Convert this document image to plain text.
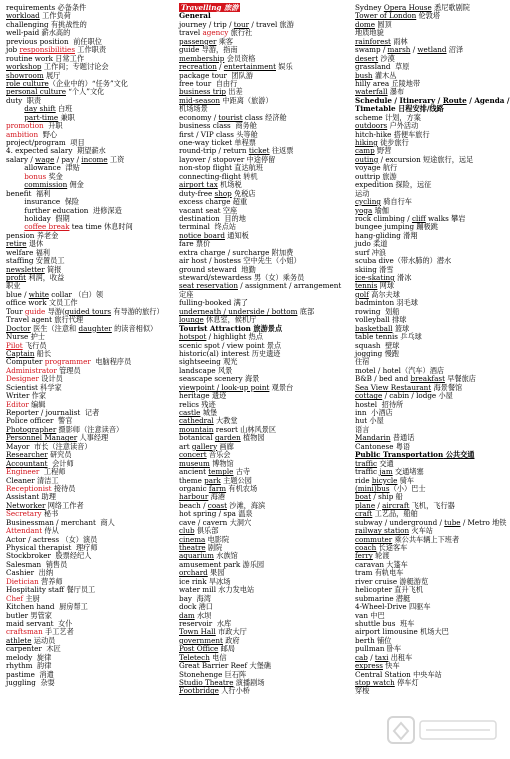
requirements 必备条件
workload 工作负荷
challenging 有挑战性的
well-paid 薪水高的
previous position  前任职位
job responsibilities 工作职责
routine work 日常工作
workshop 工作间；专题讨论会
showroom 展厅
role culture（企业中的）“任务”文化
personal culture “个人”文化
duty  职责
day shift 白班
part-time 兼职
promotion  升职
ambition  野心
project/program  项目
4. expected salary  期望薪水
salary / wage / pay / income 工资
allowance  津贴
bonus 奖金
commission 佣金
benefit  福利
insurance  保险
further education  进修深造
holiday  假期
coffee break tea time 休息时间
pension 养老金
retire 退休
welfare 福利
staffing 安置员工
newsletter 简报
profit 利润，收益
职业
blue / white collar （白）领
office work 文员工作
Tour guide 导游(guided tours 有导游的旅行）
Travel agent 旅行代理
Doctor 医生（注意和 daughter 的读音相似）
Nurse 护士
Pilot 飞行员
Captain 船长
Computer programmer  电脑程序员
Administrator 管理员
Designer 设计员
Scientist 科学家
Writer 作家
Editor 编辑
Reporter / journalist  记者
Police officer  警官
Photographer 摄影师（注意读音）
Personnel Manager 人事经理
Mayor  市长（注意读音）
Researcher 研究员
Accountant  会计师
Engineer  工程师
Cleaner 清洁工
Receptionist 接待员
Assistant 助理
Networker 网络工作者
Secretary 秘书
Businessman / merchant  商人
Attendant 侍从
Actor / actress （女）演员
Physical therapist  理疗师
Stockbroker  股票经纪人
Salesman  销售员
Cashier  出纳
Dietician 营养师
Hospitality staff 餐厅员工
Chef 主厨
Kitchen hand  厨房帮工
butler 男管家
maid servant  女仆
craftsman 手工艺者
athlete 运动员
carpenter  木匠
melody  旋律
rhythm  韵律
pastime  消遣
juggling  杂耍
Travelling 旅游
General
journey / trip / tour / travel 旅游
travel agency 旅行社
passenger 乘客
guide 导游，指南
membership 会员资格
recreation / entertainment 娱乐
package tour  团队游
free tour  自由行
business trip 出差
mid-season 中距离（旅游）
机场场景
economy / tourist class 经济舱
business class  商务舱
first / VIP class 头等舱
one-way ticket 单程票
round-trip / return ticket 往返票
layover / stopover 中途停留
non-stop flight 直达航班
connecting-flight 转机
airport tax 机场税
duty-free shop 免税店
excess charge 超重
vacant seat 空座
destination  目的地
terminal  终点站
notice board 通知板
fare 票价
extra charge / surcharge 附加费
air host / hostess 空中先生（小姐）
ground steward  地勤
steward/stewardess 男（女）乘务员
seat reservation / assignment / arrangement
定座
fulling-booked 满了
underneath / underside / bottom 底部
lounge 休息室，候机厅
Tourist Attraction 旅游景点
hotspot / highlight 热点
scenic spot / view point 景点
historic(al) interest 历史遗迹
sightseeing 观光
landscape 风景
seascape scenery 海景
viewpoint / look-up point 观景台
heritage 遗迹
relics 残迹
castle 城堡
cathedral 大教堂
mountain resort 山林风景区
botanical garden 植物园
art gallery 画廊
concert 音乐会
museum 博物馆
ancient temple 古寺
theme park 主题公园
organic farm 有机农场
harbour 海港
beach / coast 沙滩，海滨
hot spring / spa 温泉
cave / cavern 大洞穴
club 俱乐部
cinema 电影院
theatre 剧院
aquarium 水族馆
amusement park 游乐园
orchard 果园
ice rink 旱冰场
water mill 水力发电站
bay  海湾
dock 港口
dam 水坝
reservoir  水库
Town Hall 市政大厅
government 政府
Post Office 邮局
Teletech 电信
Great Barrier Reef 大堡礁
Stonehenge 巨石阵
Studio Theatre 演播剧场
Footbridge 人行小桥
Sydney Opera House 悉尼歌剧院
Tower of London 伦敦塔
dome 圆顶
地质地貌
rainforest 雨林
swamp / marsh / wetland 沼泽
desert 沙漠
grassland  草原
bush 灌木丛
hilly area 丘陵地带
waterfall 瀑布
Schedule / Itinerary / Route / Agenda /
Timetable 日程安排/线路
scheme 计划，方案
outdoors 户外活动
hitch-hike 搭便车旅行
hiking 徒步旅行
camp 野营
outing / excursion 短途旅行，远足
voyage 航行
outtrip 旅游
expedition 探险，远征
运动
cycling 骑自行车
yoga 瑜伽
rock climbing / cliff walks 攀岩
bungee jumping 蹦极跳
hang-gliding 滑翔
judo 柔道
surf 冲浪
scuba dive（带水肺的）潜水
skiing 滑雪
ice-skating 滑冰
tennis 网球
golf 高尔夫球
badminton 羽毛球
rowing  划船
volleyball 排球
basketball 篮球
table tennis 乒乓球
squash  壁球
jogging 慢跑
住宿
motel / hotel（汽车）酒店
B&B / bed and breakfast 早餐旅店
Sea View Restaurant 海景餐馆
cottage / cabin / lodge 小屋
hostel  招待所
inn  小酒店
hut 小屋
语言
Mandarin 普通话
Cantonese 粤语
Public Transportation 公共交通
traffic 交通
traffic jam 交通堵塞
ride bicycle 骑车
(mini)bus（小）巴士
boat / ship 船
plane / aircraft 飞机，飞行器
craft 工艺品，船舶
subway / underground / tube / Metro 地铁
railway station 火车站
commuter 乘公共车辆上下班者
coach 长途客车
ferry 轮渡
caravan 大篷车
tram 有轨电车
river cruise 游艇游览
helicopter 直升飞机
submarine 潜艇
4-Wheel-Drive 四驱车
van 中巴
shuttle bus  班车
airport limousine 机场大巴
berth 铺位
pullman 卧车
cab / taxi 出租车
express 快车
Central Station 中央车站
stop watch 停车灯
穿梭
